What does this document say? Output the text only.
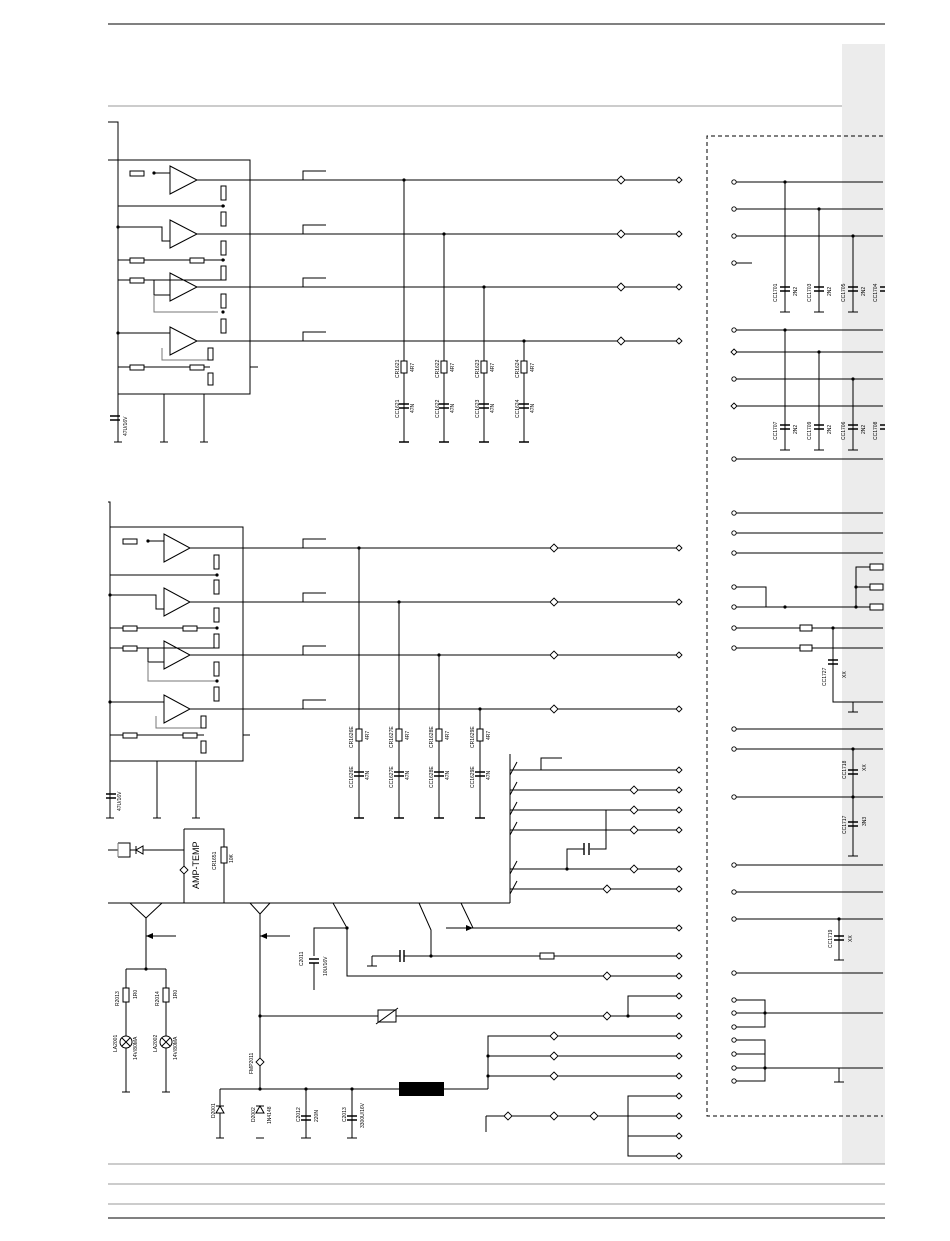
CR1621 4R7	CR1622 4R7	CR1623 4R7	CR1624 4R7
CC1621 47N	CC1622 47N	CC1623 47N	CC1624 47N
47U/16V
47U/16V
CR1626E 4R7	CR1627E 4R7	CR1628E 4R7	CR1629E 4R7
CC1626E 47N	CC1627E 47N	CC1628E 47N	CC1629E 47N
AMP-TEMP CR1651 10K
C2011	10U/16V
R2013 1R0	R2014 1R0
LA2001	14V/80MA	LA2002	14V/80MA
D2001	D2002 1N4148
FMP2011
C2012 220N	C2013 3300U/16V
CC1701	2N2 CC1703	2N2 CC1705	2N2 CC1704
CC1707	2N2 CC1709	2N2 CC1706	2N2 CC1708
CC1727	XX
CC1718	XX
CC1717	3N3
CC1719	XX
